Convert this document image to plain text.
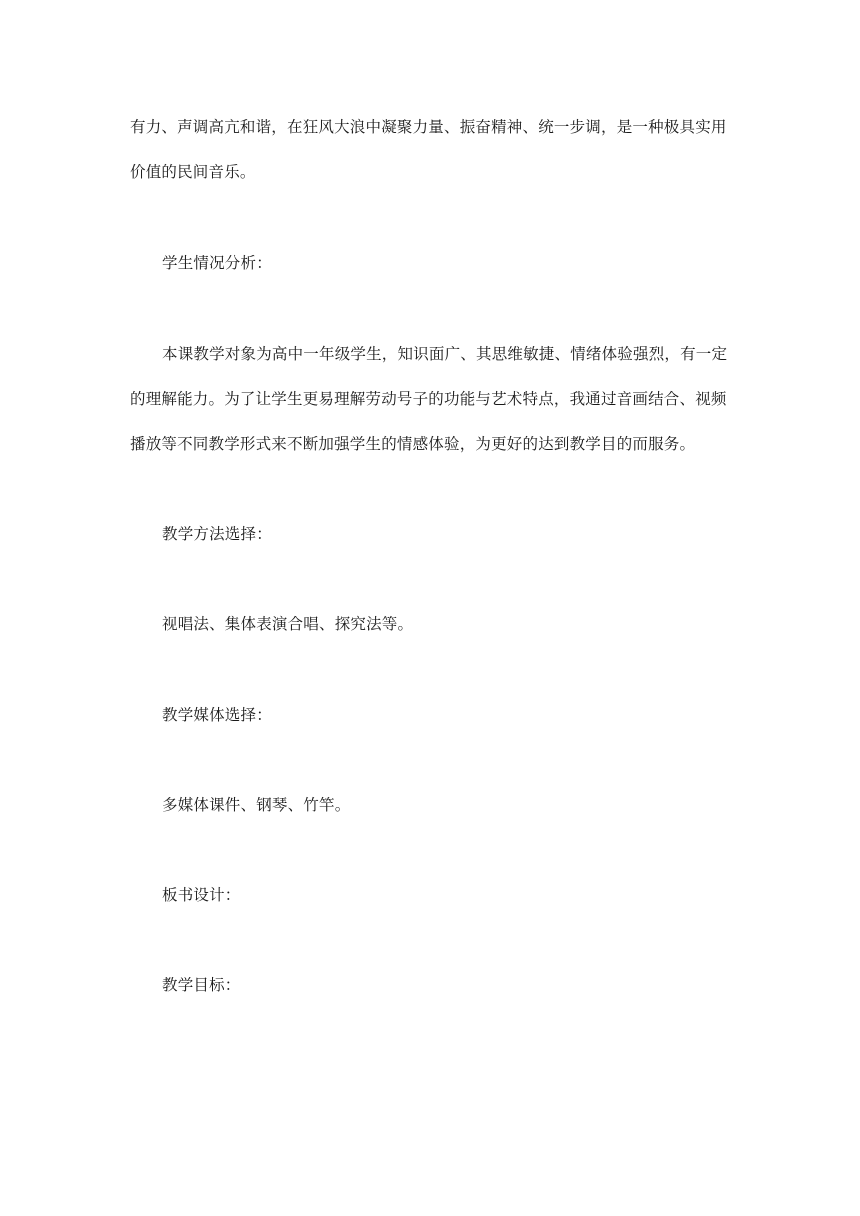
有力、声调高亢和谐，在狂风大浪中凝聚力量、振奋精神、统一步调，是一种极具实用
价值的民间音乐。
学生情况分析：
本课教学对象为高中一年级学生，知识面广、其思维敏捷、情绪体验强烈，有一定
的理解能力。为了让学生更易理解劳动号子的功能与艺术特点，我通过音画结合、视频
播放等不同教学形式来不断加强学生的情感体验，为更好的达到教学目的而服务。
教学方法选择：
视唱法、集体表演合唱、探究法等。
教学媒体选择：
多媒体课件、钢琴、竹竿。
板书设计：
教学目标：
